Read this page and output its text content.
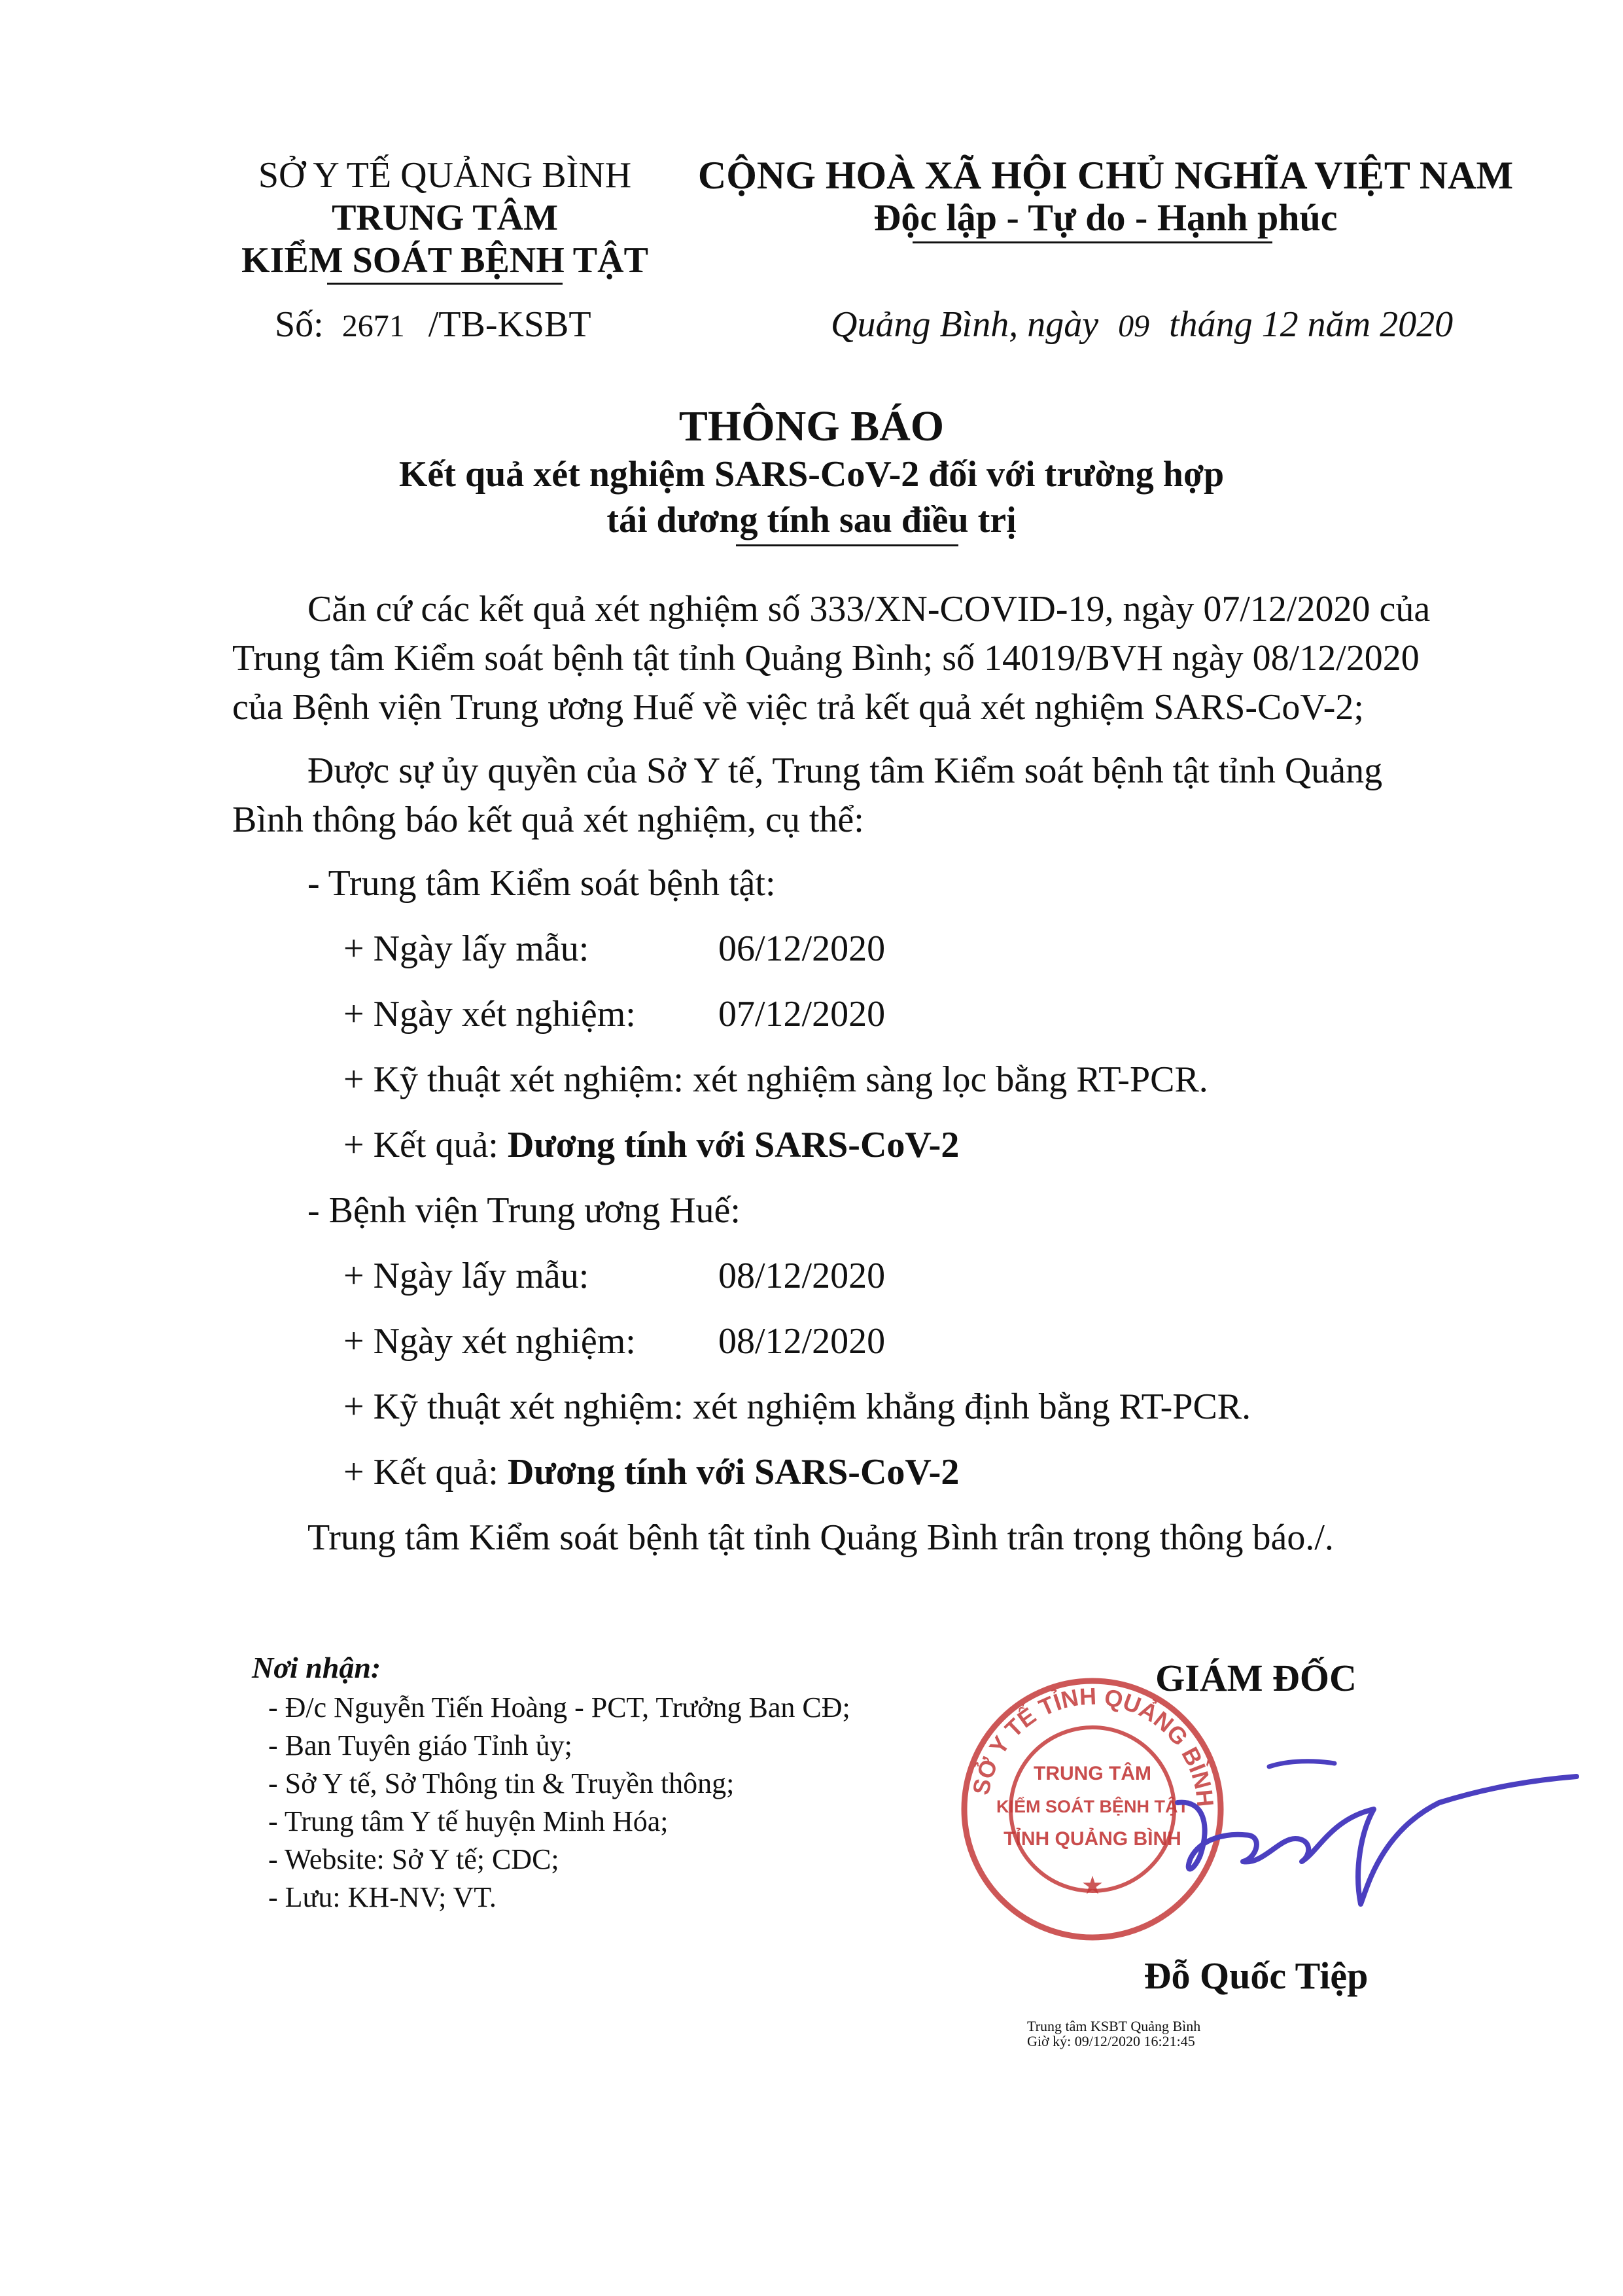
SỞ Y TẾ QUẢNG BÌNH
TRUNG TÂM
KIỂM SOÁT BỆNH TẬT
Số: 2671 /TB-KSBT
CỘNG HOÀ XÃ HỘI CHỦ NGHĨA VIỆT NAM
Độc lập - Tự do - Hạnh phúc
Quảng Bình, ngày 09 tháng 12 năm 2020
THÔNG BÁO
Kết quả xét nghiệm SARS-CoV-2 đối với trường hợp
tái dương tính sau điều trị
Căn cứ các kết quả xét nghiệm số 333/XN-COVID-19, ngày 07/12/2020 của
Trung tâm Kiểm soát bệnh tật tỉnh Quảng Bình; số 14019/BVH ngày 08/12/2020
của Bệnh viện Trung ương Huế về việc trả kết quả xét nghiệm SARS-CoV-2;
Được sự ủy quyền của Sở Y tế, Trung tâm Kiểm soát bệnh tật tỉnh Quảng
Bình thông báo kết quả xét nghiệm, cụ thể:
- Trung tâm Kiểm soát bệnh tật:
+ Ngày lấy mẫu:	06/12/2020
+ Ngày xét nghiệm: 07/12/2020
+ Kỹ thuật xét nghiệm: xét nghiệm sàng lọc bằng RT-PCR.
+ Kết quả: Dương tính với SARS-CoV-2
- Bệnh viện Trung ương Huế:
+ Ngày lấy mẫu:	08/12/2020
+ Ngày xét nghiệm: 08/12/2020
+ Kỹ thuật xét nghiệm: xét nghiệm khẳng định bằng RT-PCR.
+ Kết quả: Dương tính với SARS-CoV-2
Trung tâm Kiểm soát bệnh tật tỉnh Quảng Bình trân trọng thông báo./.
Nơi nhận:
- Đ/c Nguyễn Tiến Hoàng - PCT, Trưởng Ban CĐ;
- Ban Tuyên giáo Tỉnh ủy;
- Sở Y tế, Sở Thông tin & Truyền thông;
- Trung tâm Y tế huyện Minh Hóa;
- Website: Sở Y tế; CDC;
- Lưu: KH-NV; VT.
GIÁM ĐỐC
SỞ Y TẾ TỈNH QUẢNG BÌNH
TRUNG TÂM
KIỂM SOÁT BỆNH TẬT
TỈNH QUẢNG BÌNH
★
Đỗ Quốc Tiệp
Trung tâm KSBT Quảng Bình
Giờ ký: 09/12/2020 16:21:45
